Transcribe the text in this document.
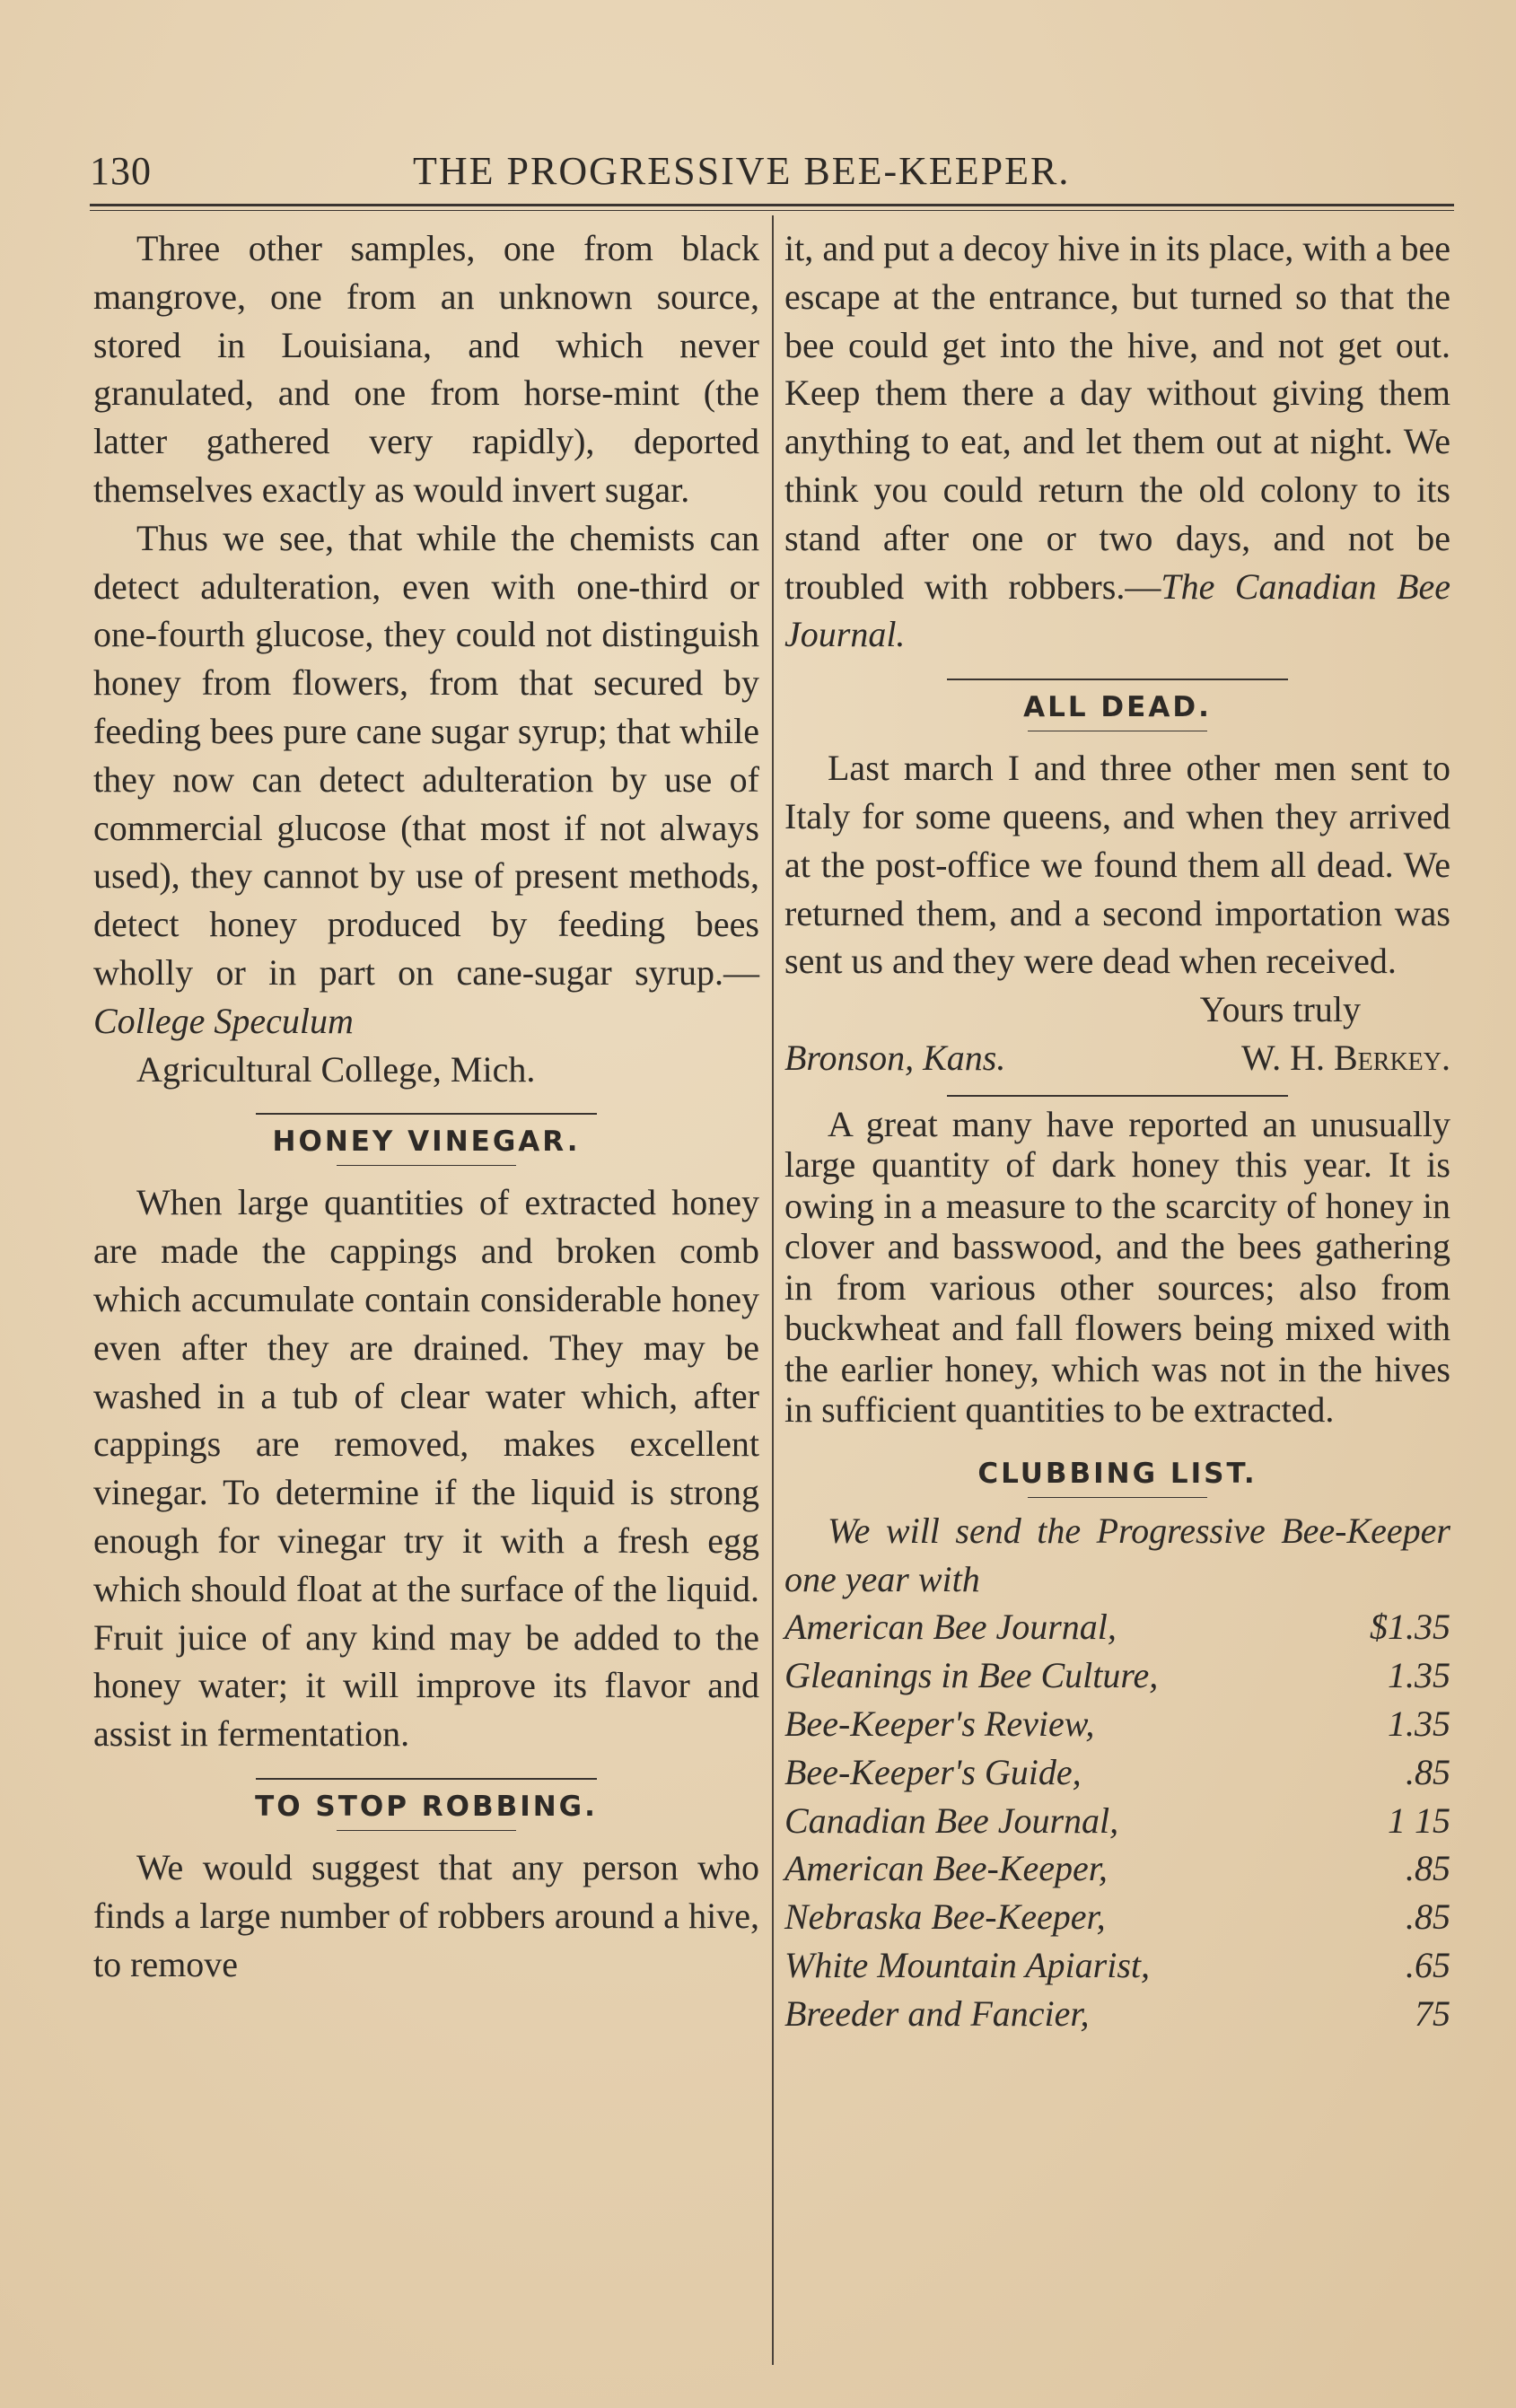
130	THE PROGRESSIVE BEE-KEEPER.

Three other samples, one from black mangrove, one from an unknown source, stored in Louisiana, and which never granulated, and one from horse-mint (the latter gathered very rapidly), deported themselves exactly as would invert sugar.

Thus we see, that while the chemists can detect adulteration, even with one-third or one-fourth glucose, they could not distinguish honey from flowers, from that secured by feeding bees pure cane sugar syrup; that while they now can detect adulteration by use of commercial glucose (that most if not always used), they cannot by use of present methods, detect honey produced by feeding bees wholly or in part on cane-sugar syrup.—College Speculum

Agricultural College, Mich.

HONEY VINEGAR.

When large quantities of extracted honey are made the cappings and broken comb which accumulate contain considerable honey even after they are drained. They may be washed in a tub of clear water which, after cappings are removed, makes excellent vinegar. To determine if the liquid is strong enough for vinegar try it with a fresh egg which should float at the surface of the liquid. Fruit juice of any kind may be added to the honey water; it will improve its flavor and assist in fermentation.

TO STOP ROBBING.

We would suggest that any person who finds a large number of robbers around a hive, to remove

it, and put a decoy hive in its place, with a bee escape at the entrance, but turned so that the bee could get into the hive, and not get out. Keep them there a day without giving them anything to eat, and let them out at night. We think you could return the old colony to its stand after one or two days, and not be troubled with robbers.—The Canadian Bee Journal.

ALL DEAD.

Last march I and three other men sent to Italy for some queens, and when they arrived at the post-office we found them all dead. We returned them, and a second importation was sent us and they were dead when received.

Yours truly

Bronson, Kans.	W. H. Berkey.

A great many have reported an unusually large quantity of dark honey this year. It is owing in a measure to the scarcity of honey in clover and basswood, and the bees gathering in from various other sources; also from buckwheat and fall flowers being mixed with the earlier honey, which was not in the hives in sufficient quantities to be extracted.

CLUBBING LIST.

We will send the Progressive Bee-Keeper one year with

American Bee Journal,	$1.35
Gleanings in Bee Culture,	1.35
Bee-Keeper's Review,	1.35
Bee-Keeper's Guide,	.85
Canadian Bee Journal,	1 15
American Bee-Keeper,	.85
Nebraska Bee-Keeper,	.85
White Mountain Apiarist,	.65
Breeder and Fancier,	75
